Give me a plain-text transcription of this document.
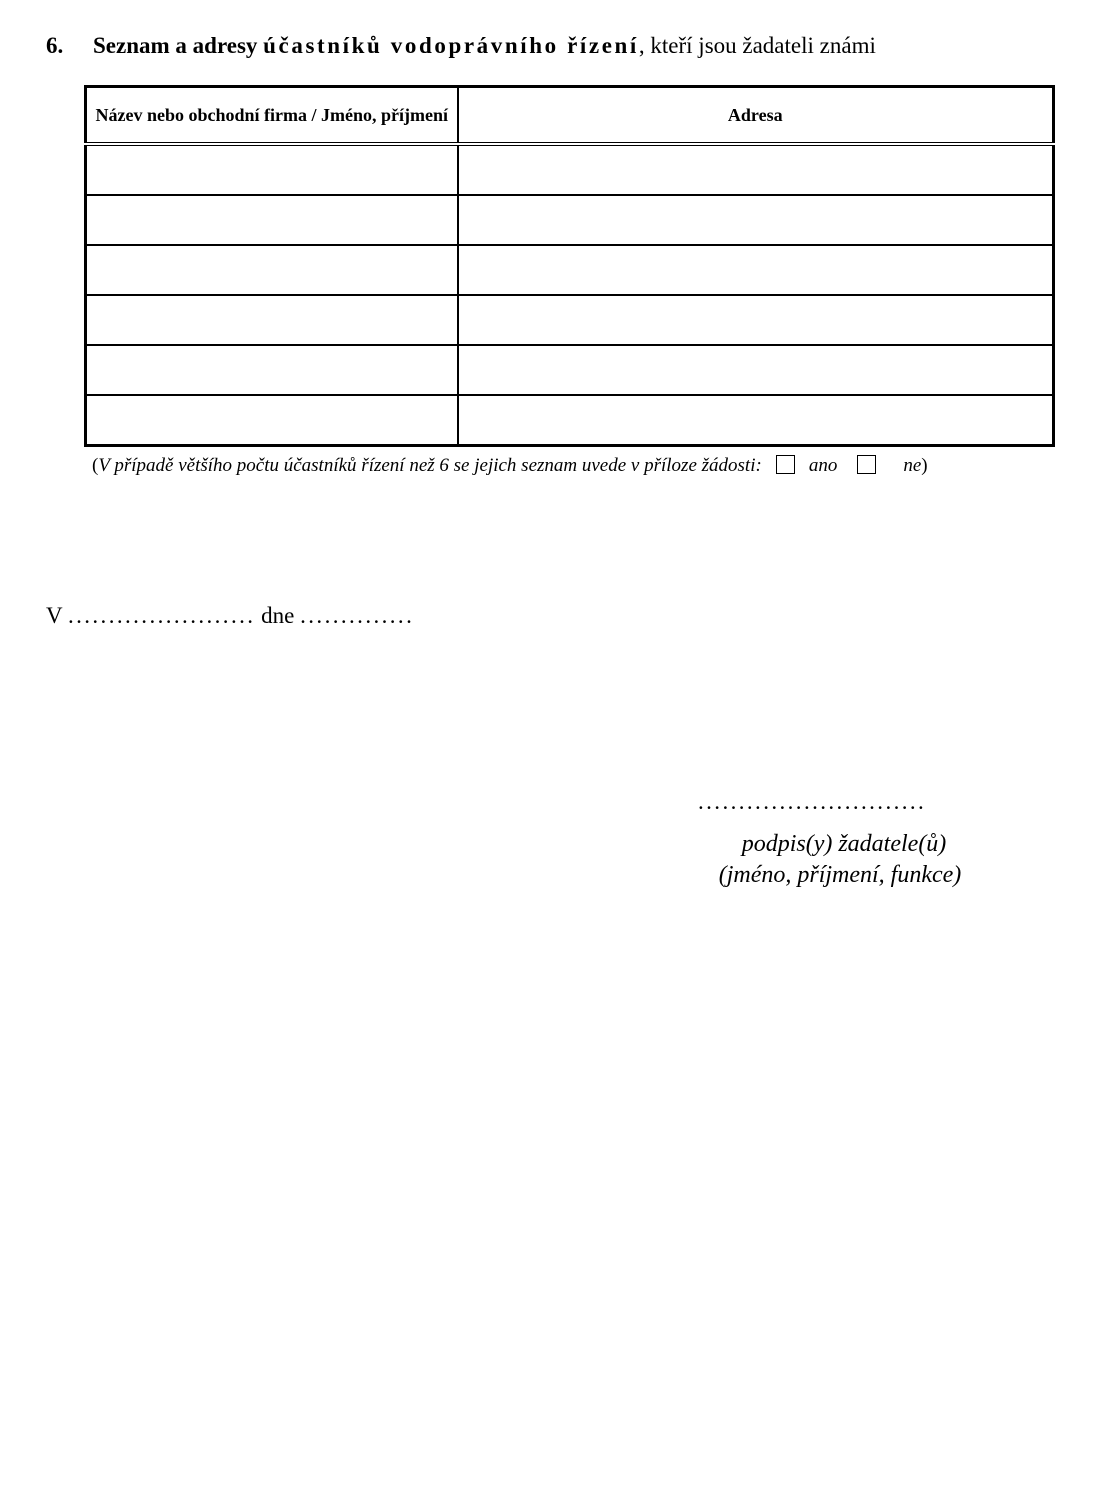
6. Seznam a adresy účastníků vodoprávního řízení, kteří jsou žadateli známi
Název nebo obchodní firma / Jméno, příjmení	Adresa

(V případě většího počtu účastníků řízení než 6 se jejich seznam uvede v příloze žádosti: ano	ne)
V ....................... dne ..............
............................
podpis(y) žadatele(ů)
(jméno, příjmení, funkce)
